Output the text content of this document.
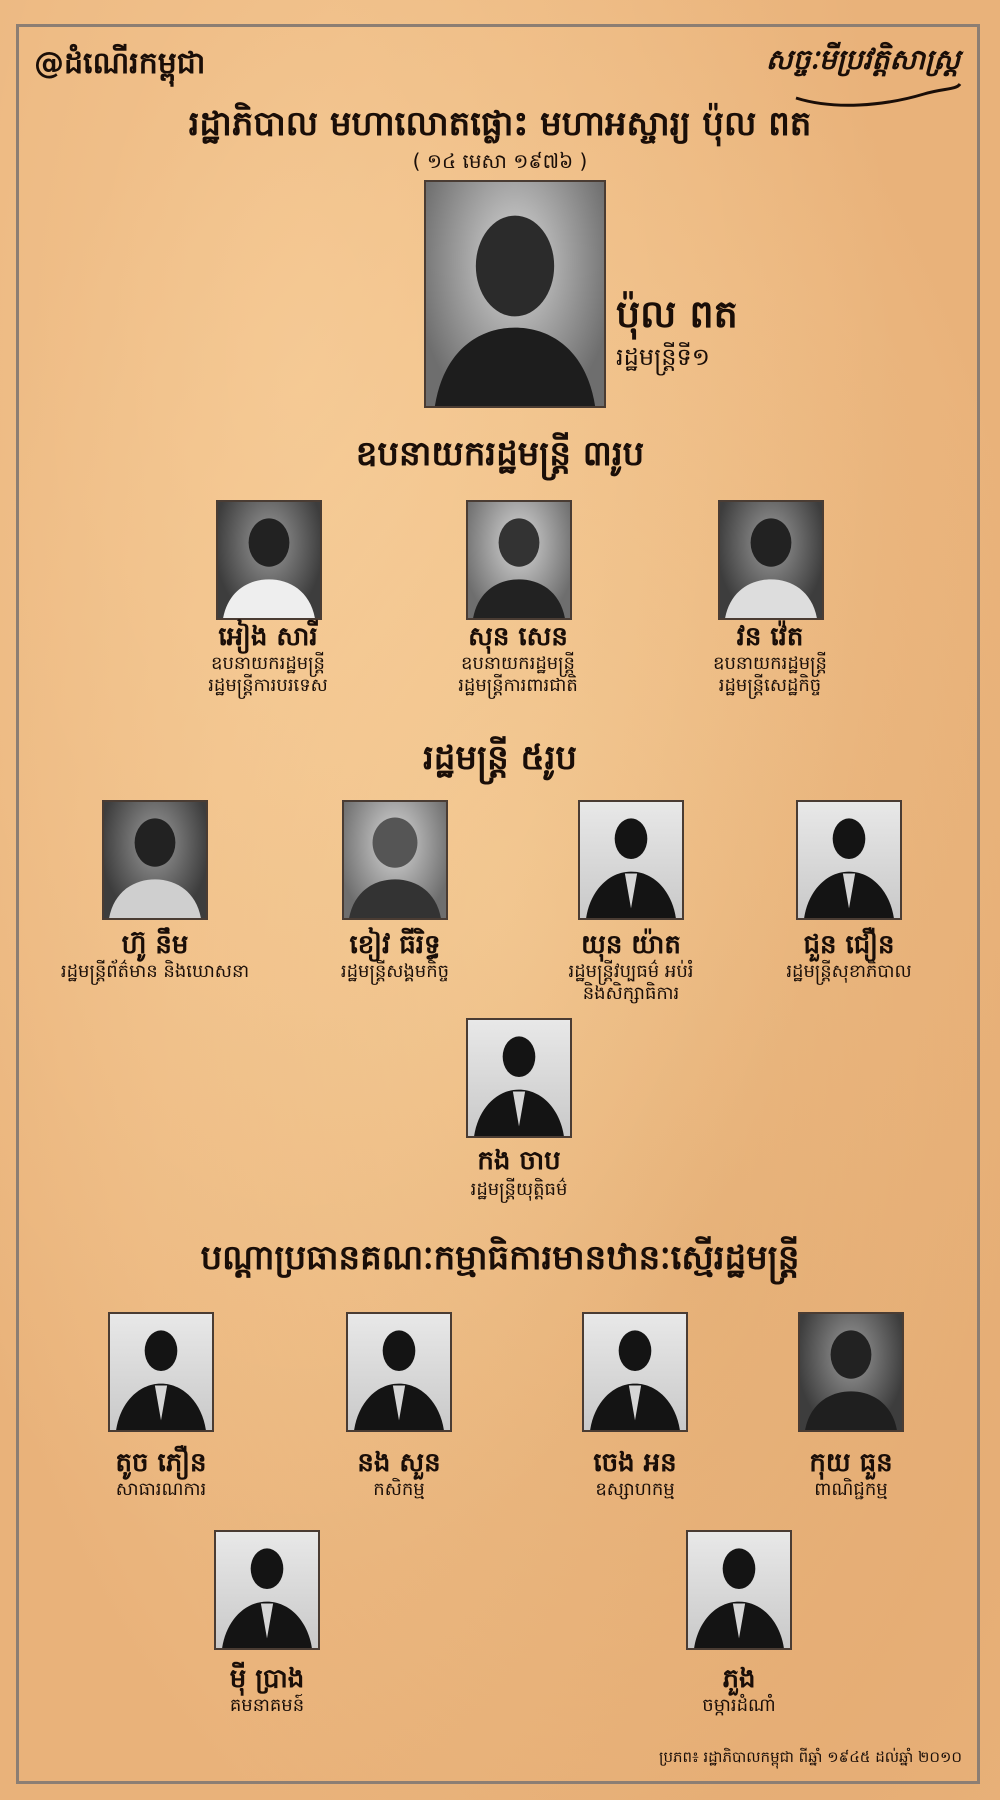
@ដំណើរកម្ពុជា	សច្ចៈមីប្រវត្តិសាស្ត្រ
រដ្ឋាភិបាល មហាលោតផ្លោះ មហាអស្ចារ្យ ប៉ុល ពត
( ១៤ មេសា ១៩៧៦ )
ប៉ុល ពត
រដ្ឋមន្ត្រីទី១
ឧបនាយករដ្ឋមន្ត្រី ៣រូប
អៀង សារី
ឧបនាយករដ្ឋមន្ត្រី
រដ្ឋមន្ត្រីការបរទេស
សុន សេន
ឧបនាយករដ្ឋមន្ត្រី
រដ្ឋមន្ត្រីការពារជាតិ
វន វ៉េត
ឧបនាយករដ្ឋមន្ត្រី
រដ្ឋមន្ត្រីសេដ្ឋកិច្ច
រដ្ឋមន្ត្រី ៥រូប
ហ៊ូ នឹម
រដ្ឋមន្ត្រីព័ត៌មាន និងឃោសនា
ខៀវ ធីរិទ្ធ
រដ្ឋមន្ត្រីសង្គមកិច្ច
យុន យ៉ាត
រដ្ឋមន្ត្រីវប្បធម៌ អប់រំ
និងសិក្សាធិការ
ជួន ជឿន
រដ្ឋមន្ត្រីសុខាភិបាល
កង ចាប
រដ្ឋមន្ត្រីយុត្តិធម៌
បណ្តាប្រធានគណៈកម្មាធិការមានឋានៈស្មើរដ្ឋមន្ត្រី
តូច ភឿន
សាធារណការ
នង សួន
កសិកម្ម
ចេង អន
ឧស្សាហកម្ម
កុយ ធួន
ពាណិជ្ជកម្ម
ម៉ី ប្រាង
គមនាគមន៍
ភួង
ចម្ការដំណាំ
ប្រភព៖ រដ្ឋាភិបាលកម្ពុជា ពីឆ្នាំ ១៩៤៥ ដល់ឆ្នាំ ២០១០
